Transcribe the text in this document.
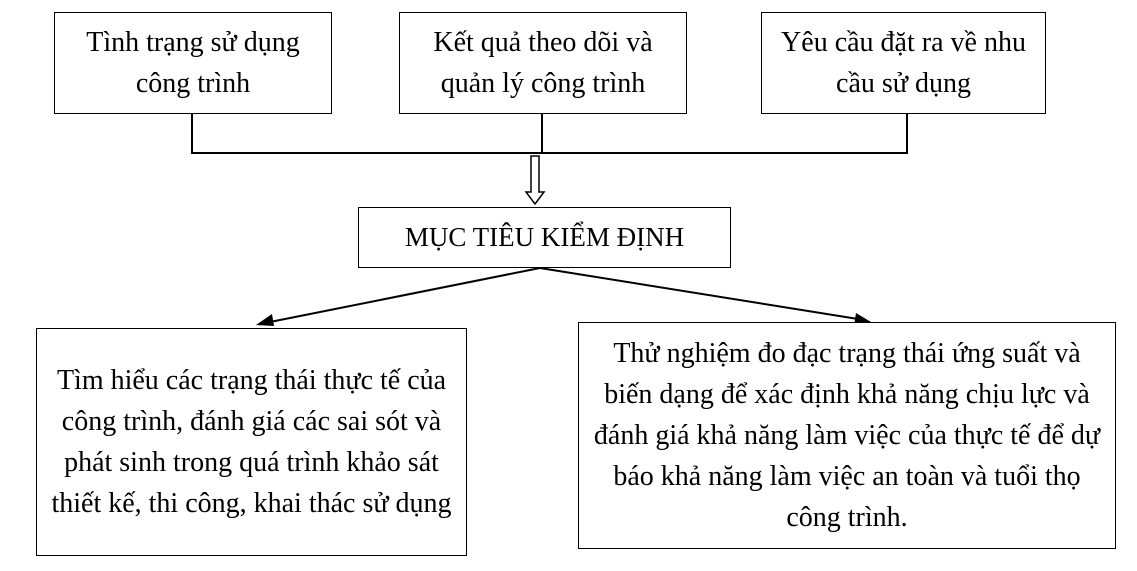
Tình trạng sử dụng công trình
Kết quả theo dõi và quản lý công trình
Yêu cầu đặt ra về nhu cầu sử dụng
MỤC TIÊU KIỂM ĐỊNH
Tìm hiểu các trạng thái thực tế của công trình, đánh giá các sai sót và phát sinh trong quá trình khảo sát thiết kế, thi công, khai thác sử dụng
Thử nghiệm đo đạc trạng thái ứng suất và biến dạng để xác định khả năng chịu lực và đánh giá khả năng làm việc của thực tế để dự báo khả năng làm việc an toàn và tuổi thọ công trình.
